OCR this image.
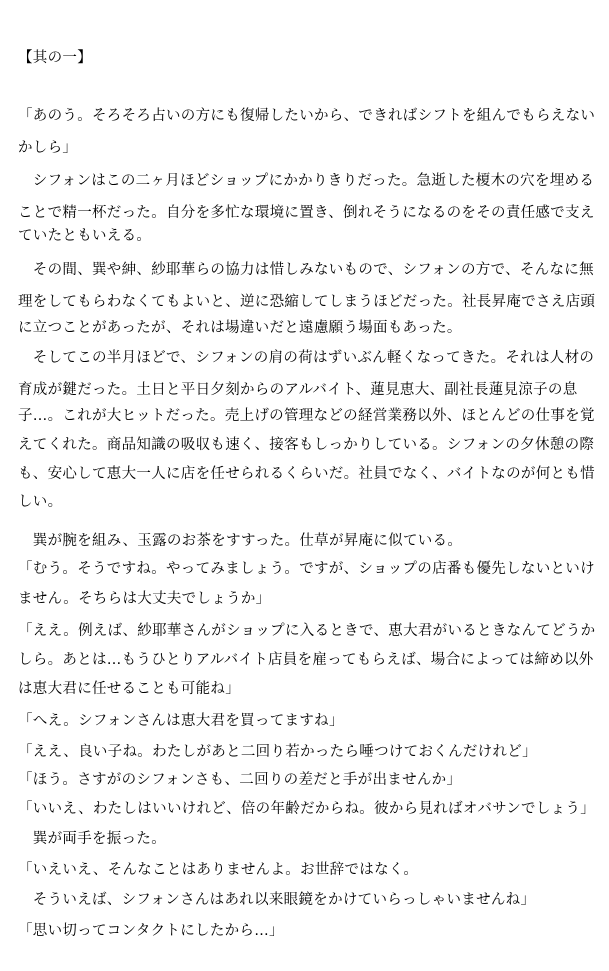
【其の一】
「あのう。そろそろ占いの方にも復帰したいから、できればシフトを組んでもらえない
かしら」
　シフォンはこの二ヶ月ほどショップにかかりきりだった。急逝した榎木の穴を埋める
ことで精一杯だった。自分を多忙な環境に置き、倒れそうになるのをその責任感で支え
ていたともいえる。
　その間、巽や紳、紗耶華らの協力は惜しみないもので、シフォンの方で、そんなに無
理をしてもらわなくてもよいと、逆に恐縮してしまうほどだった。社長昇庵でさえ店頭
に立つことがあったが、それは場違いだと遠慮願う場面もあった。
　そしてこの半月ほどで、シフォンの肩の荷はずいぶん軽くなってきた。それは人材の
育成が鍵だった。土日と平日夕刻からのアルバイト、蓮見恵大、副社長蓮見涼子の息
子…。これが大ヒットだった。売上げの管理などの経営業務以外、ほとんどの仕事を覚
えてくれた。商品知識の吸収も速く、接客もしっかりしている。シフォンの夕休憩の際
も、安心して恵大一人に店を任せられるくらいだ。社員でなく、バイトなのが何とも惜
しい。
　巽が腕を組み、玉露のお茶をすすった。仕草が昇庵に似ている。
「むう。そうですね。やってみましょう。ですが、ショップの店番も優先しないといけ
ません。そちらは大丈夫でしょうか」
「ええ。例えば、紗耶華さんがショップに入るときで、恵大君がいるときなんてどうか
しら。あとは…もうひとりアルバイト店員を雇ってもらえば、場合によっては締め以外
は恵大君に任せることも可能ね」
「へえ。シフォンさんは恵大君を買ってますね」
「ええ、良い子ね。わたしがあと二回り若かったら唾つけておくんだけれど」
「ほう。さすがのシフォンさも、二回りの差だと手が出ませんか」
「いいえ、わたしはいいけれど、倍の年齢だからね。彼から見ればオバサンでしょう」
　巽が両手を振った。
「いえいえ、そんなことはありませんよ。お世辞ではなく。
　そういえば、シフォンさんはあれ以来眼鏡をかけていらっしゃいませんね」
「思い切ってコンタクトにしたから…」
